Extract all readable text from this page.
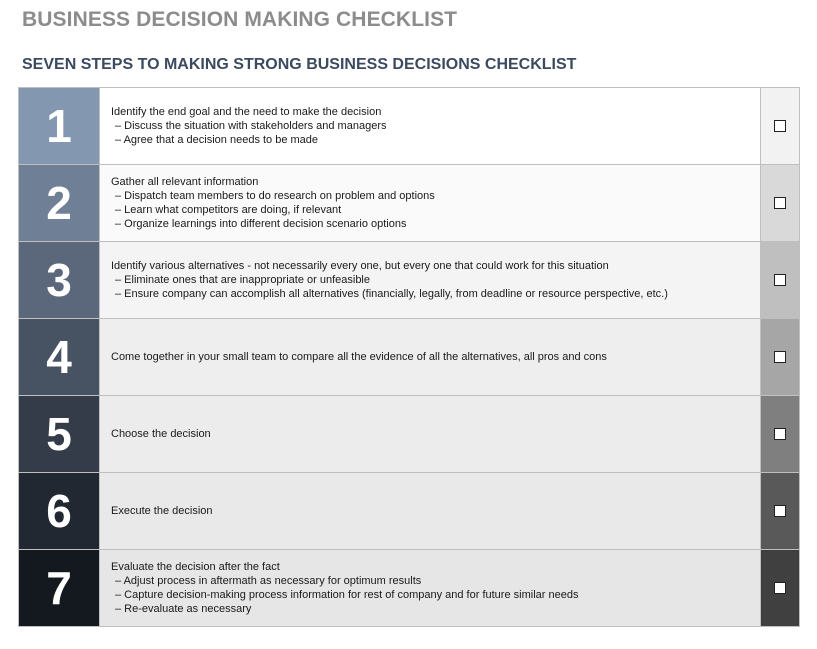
BUSINESS DECISION MAKING CHECKLIST
SEVEN STEPS TO MAKING STRONG BUSINESS DECISIONS CHECKLIST
1	Identify the end goal and the need to make the decision
– Discuss the situation with stakeholders and managers
– Agree that a decision needs to be made
2	Gather all relevant information
– Dispatch team members to do research on problem and options
– Learn what competitors are doing, if relevant
– Organize learnings into different decision scenario options
3	Identify various alternatives - not necessarily every one, but every one that could work for this situation
– Eliminate ones that are inappropriate or unfeasible
– Ensure company can accomplish all alternatives (financially, legally, from deadline or resource perspective, etc.)
4	Come together in your small team to compare all the evidence of all the alternatives, all pros and cons
5	Choose the decision
6	Execute the decision
7	Evaluate the decision after the fact
– Adjust process in aftermath as necessary for optimum results
– Capture decision-making process information for rest of company and for future similar needs
– Re-evaluate as necessary
